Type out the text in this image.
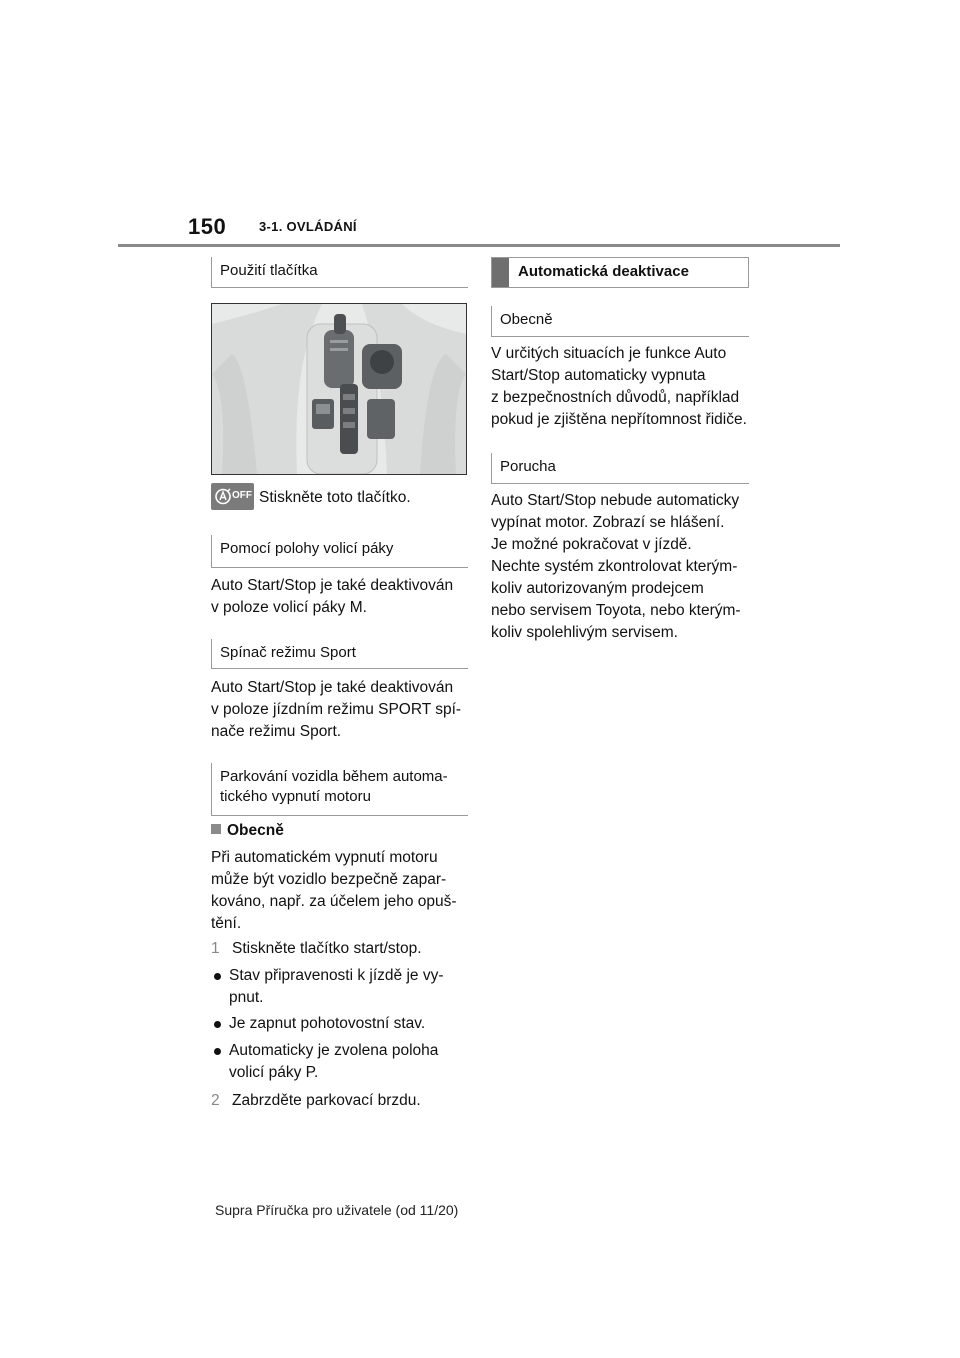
150	3-1. OVLÁDÁNÍ
Použití tlačítka
OFF Stiskněte toto tlačítko.
Pomocí polohy volicí páky
Auto Start/Stop je také deaktivován
v poloze volicí páky M.
Spínač režimu Sport
Auto Start/Stop je také deaktivován
v poloze jízdním režimu SPORT spí-
nače režimu Sport.
Parkování vozidla během automa-
tického vypnutí motoru
Obecně
Při automatickém vypnutí motoru
může být vozidlo bezpečně zapar-
kováno, např. za účelem jeho opuš-
tění.
1 Stiskněte tlačítko start/stop.
Stav připravenosti k jízdě je vy-
pnut.
Je zapnut pohotovostní stav.
Automaticky je zvolena poloha
volicí páky P.
2 Zabrzděte parkovací brzdu.
Automatická deaktivace
Obecně
V určitých situacích je funkce Auto
Start/Stop automaticky vypnuta
z bezpečnostních důvodů, například
pokud je zjištěna nepřítomnost řidiče.
Porucha
Auto Start/Stop nebude automaticky
vypínat motor. Zobrazí se hlášení.
Je možné pokračovat v jízdě.
Nechte systém zkontrolovat kterým-
koliv autorizovaným prodejcem
nebo servisem Toyota, nebo kterým-
koliv spolehlivým servisem.
Supra Příručka pro uživatele (od 11/20)
